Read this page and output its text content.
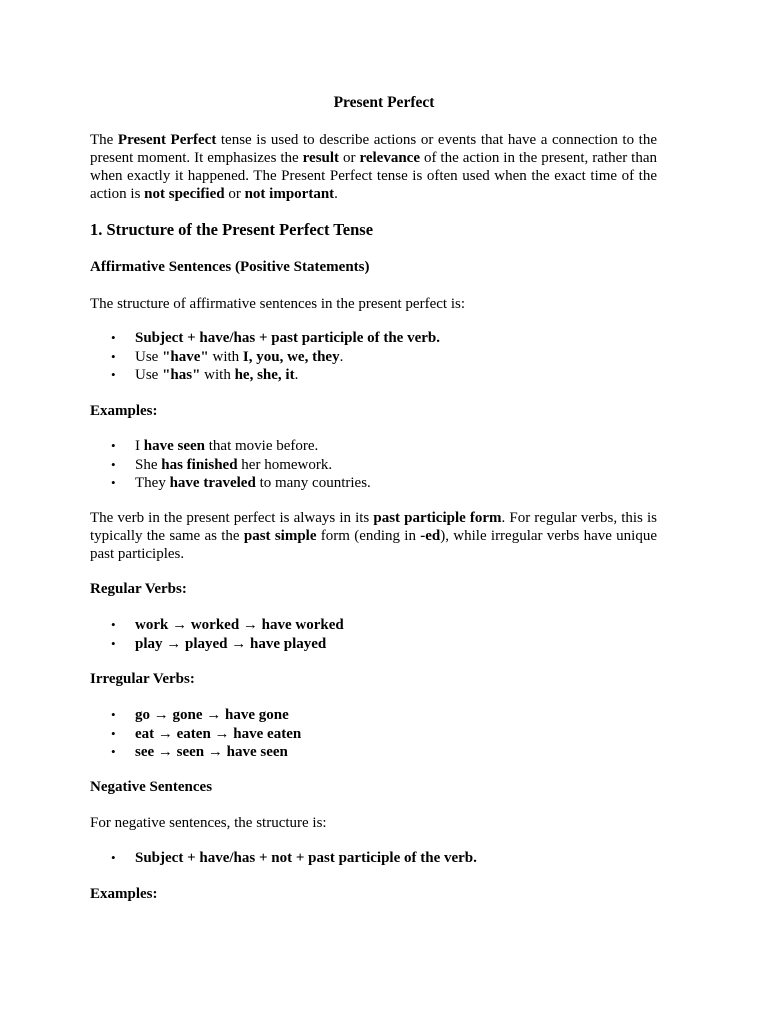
Present Perfect

The Present Perfect tense is used to describe actions or events that have a connection to the present moment. It emphasizes the result or relevance of the action in the present, rather than when exactly it happened. The Present Perfect tense is often used when the exact time of the action is not specified or not important.

1. Structure of the Present Perfect Tense
Affirmative Sentences (Positive Statements)

The structure of affirmative sentences in the present perfect is:

• Subject + have/has + past participle of the verb.
• Use "have" with I, you, we, they.
• Use "has" with he, she, it.
Examples:
• I have seen that movie before.
• She has finished her homework.
• They have traveled to many countries.

The verb in the present perfect is always in its past participle form. For regular verbs, this is typically the same as the past simple form (ending in -ed), while irregular verbs have unique past participles.

Regular Verbs:
• work → worked → have worked
• play → played → have played
Irregular Verbs:
• go → gone → have gone
• eat → eaten → have eaten
• see → seen → have seen
Negative Sentences

For negative sentences, the structure is:

• Subject + have/has + not + past participle of the verb.
Examples:
